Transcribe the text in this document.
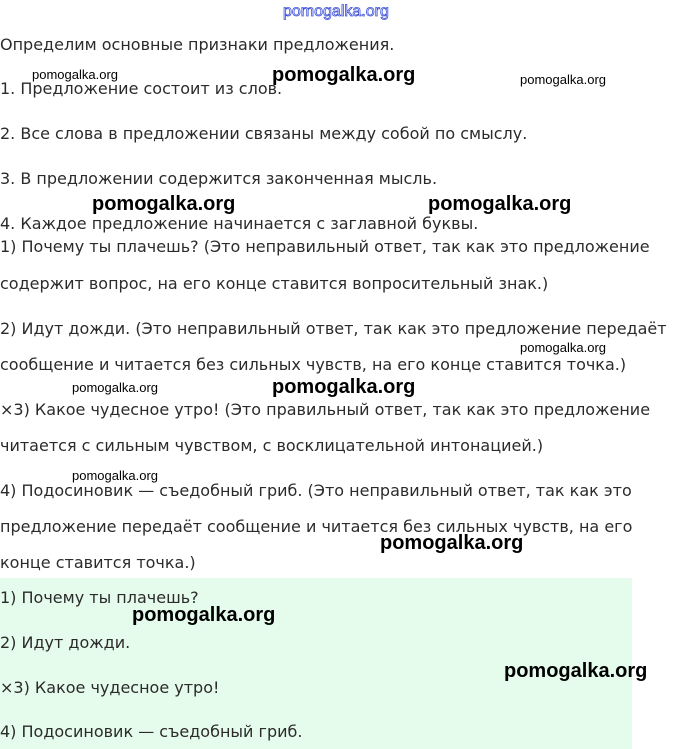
pomogalka.org
Определим основные признаки предложения.
1. Предложение состоит из слов.
2. Все слова в предложении связаны между собой по смыслу.
3. В предложении содержится законченная мысль.
4. Каждое предложение начинается с заглавной буквы.
1) Почему ты плачешь? (Это неправильный ответ, так как это предложение
содержит вопрос, на его конце ставится вопросительный знак.)
2) Идут дожди. (Это неправильный ответ, так как это предложение передаёт
сообщение и читается без сильных чувств, на его конце ставится точка.)
×3) Какое чудесное утро! (Это правильный ответ, так как это предложение
читается с сильным чувством, с восклицательной интонацией.)
4) Подосиновик — съедобный гриб. (Это неправильный ответ, так как это
предложение передаёт сообщение и читается без сильных чувств, на его
конце ставится точка.)
1) Почему ты плачешь?
2) Идут дожди.
×3) Какое чудесное утро!
4) Подосиновик — съедобный гриб.
pomogalka.org	pomogalka.org	pomogalka.org
pomogalka.org	pomogalka.org
pomogalka.org
pomogalka.org	pomogalka.org
pomogalka.org
pomogalka.org
pomogalka.org
pomogalka.org
